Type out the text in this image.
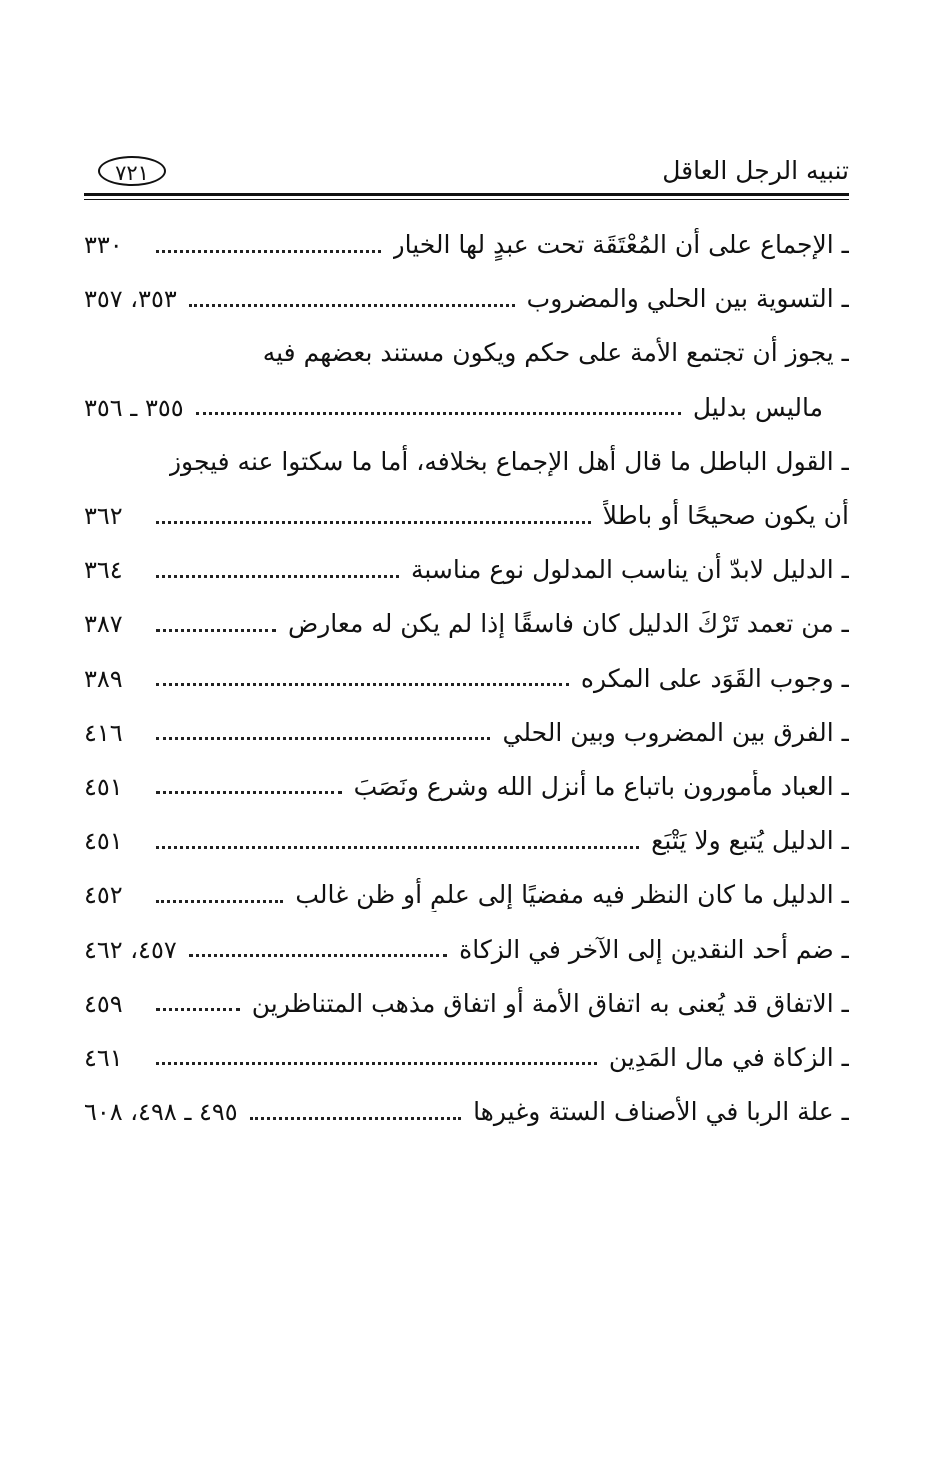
تنبيه الرجل العاقل
٧٢١
ـ الإجماع على أن المُعْتَقَة تحت عبدٍ لها الخيار
٣٣٠
ـ التسوية بين الحلي والمضروب
٣٥٣، ٣٥٧
ـ يجوز أن تجتمع الأمة على حكم ويكون مستند بعضهم فيه
ماليس بدليل
٣٥٥ ـ ٣٥٦
ـ القول الباطل ما قال أهل الإجماع بخلافه، أما ما سكتوا عنه فيجوز
أن يكون صحيحًا أو باطلاً
٣٦٢
ـ الدليل لابدّ أن يناسب المدلول نوع مناسبة
٣٦٤
ـ من تعمد تَرْكَ الدليل كان فاسقًا إذا لم يكن له معارض
٣٨٧
ـ وجوب القَوَد على المكره
٣٨٩
ـ الفرق بين المضروب وبين الحلي
٤١٦
ـ العباد مأمورون باتباع ما أنزل الله وشرع ونَصَبَ
٤٥١
ـ الدليل يُتبع ولا يَتْبَع
٤٥١
ـ الدليل ما كان النظر فيه مفضيًا إلى علمٍ أو ظن غالب
٤٥٢
ـ ضم أحد النقدين إلى الآخر في الزكاة
٤٥٧، ٤٦٢
ـ الاتفاق قد يُعنى به اتفاق الأمة أو اتفاق مذهب المتناظرين
٤٥٩
ـ الزكاة في مال المَدِين
٤٦١
ـ علة الربا في الأصناف الستة وغيرها
٤٩٥ ـ ٤٩٨، ٦٠٨
